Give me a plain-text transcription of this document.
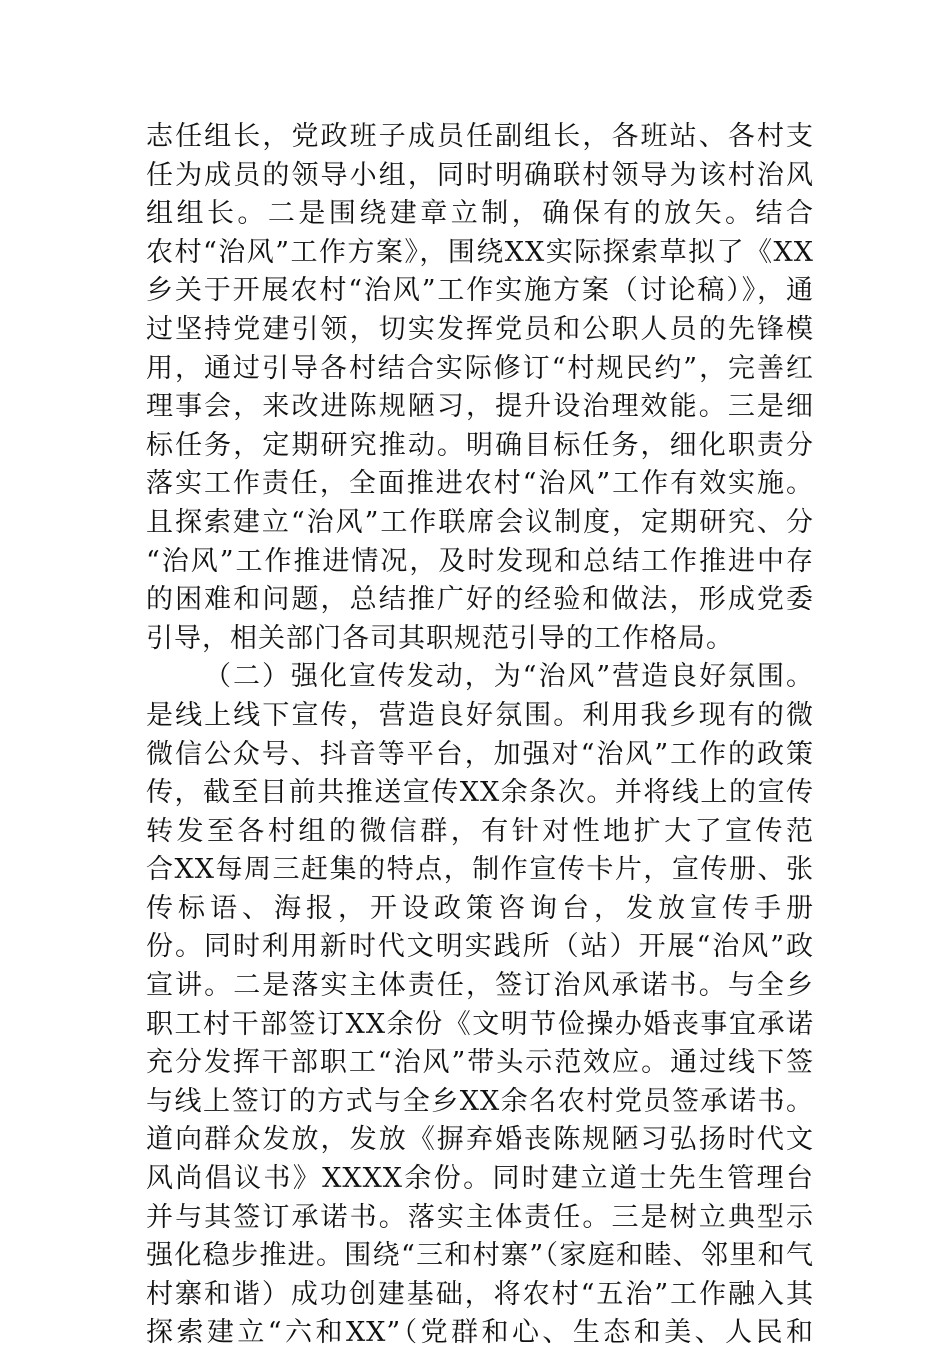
志任组长，党政班子成员任副组长，各班站、各村支
任为成员的领导小组，同时明确联村领导为该村治风
组组长。二是围绕建章立制，确保有的放矢。结合
农村“治风”工作方案》，围绕XX实际探索草拟了《XX
乡关于开展农村“治风”工作实施方案（讨论稿）》，通
过坚持党建引领，切实发挥党员和公职人员的先锋模
用，通过引导各村结合实际修订“村规民约”，完善红
理事会，来改进陈规陋习，提升设治理效能。三是细
标任务，定期研究推动。明确目标任务，细化职责分
落实工作责任，全面推进农村“治风”工作有效实施。
且探索建立“治风”工作联席会议制度，定期研究、分
“治风”工作推进情况，及时发现和总结工作推进中存
的困难和问题，总结推广好的经验和做法，形成党委
引导，相关部门各司其职规范引导的工作格局。
（二）强化宣传发动，为“治风”营造良好氛围。
是线上线下宣传，营造良好氛围。利用我乡现有的微
微信公众号、抖音等平台，加强对“治风”工作的政策
传，截至目前共推送宣传XX余条次。并将线上的宣传
转发至各村组的微信群，有针对性地扩大了宣传范
合XX每周三赶集的特点，制作宣传卡片，宣传册、张
传标语、海报，开设政策咨询台，发放宣传手册
份。同时利用新时代文明实践所（站）开展“治风”政
宣讲。二是落实主体责任，签订治风承诺书。与全乡
职工村干部签订XX余份《文明节俭操办婚丧事宜承诺
充分发挥干部职工“治风”带头示范效应。通过线下签
与线上签订的方式与全乡XX余名农村党员签承诺书。
道向群众发放，发放《摒弃婚丧陈规陋习弘扬时代文
风尚倡议书》XXXX余份。同时建立道士先生管理台
并与其签订承诺书。落实主体责任。三是树立典型示
强化稳步推进。围绕“三和村寨”（家庭和睦、邻里和气
村寨和谐）成功创建基础，将农村“五治”工作融入其
探索建立“六和XX”（党群和心、生态和美、人民和
